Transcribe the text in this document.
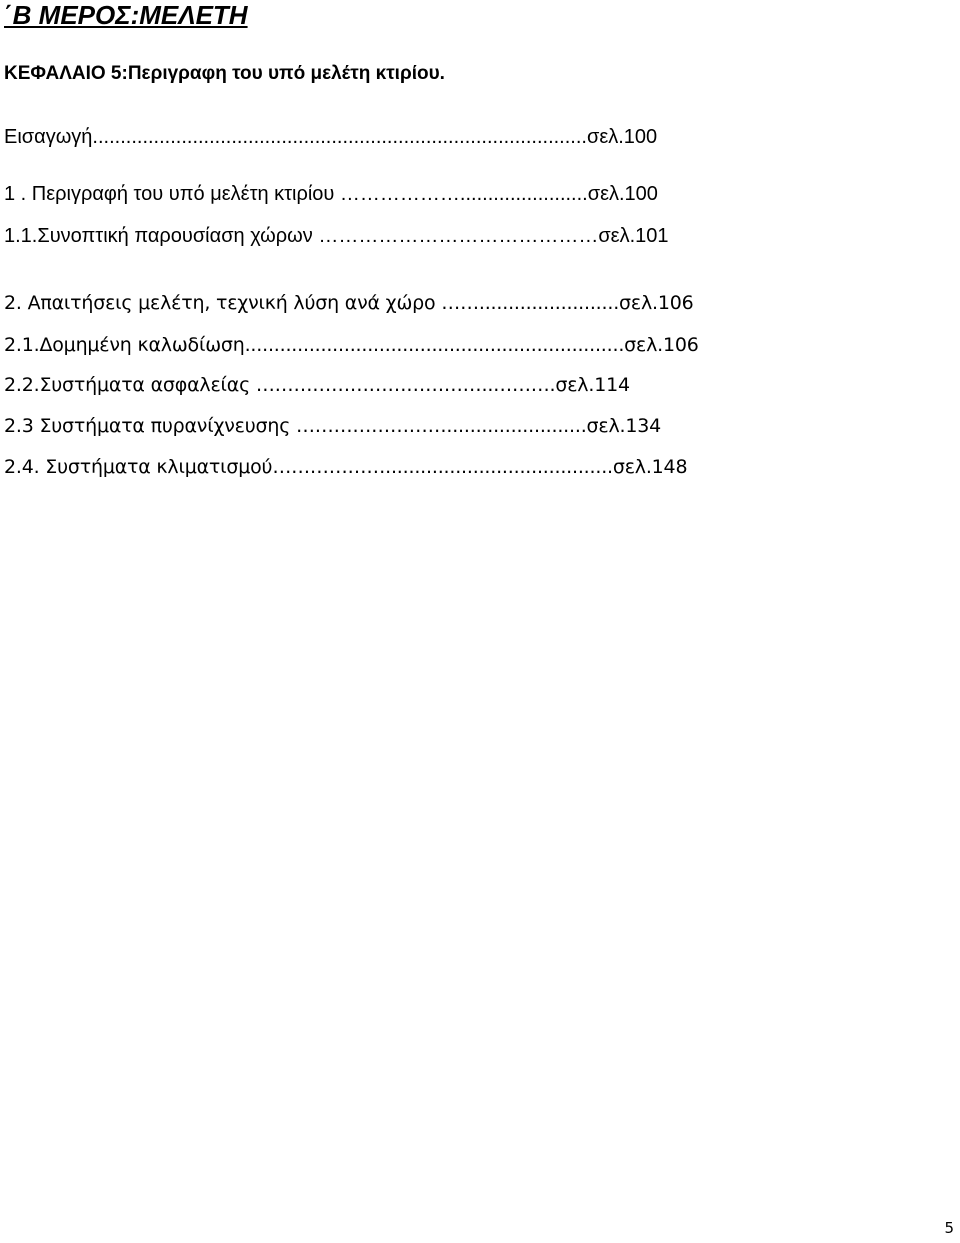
΄Β ΜΕΡΟΣ:ΜΕΛΕΤΗ
ΚΕΦΑΛΑΙΟ 5:Περιγραφη του υπό μελέτη κτιρίου.

Εισαγωγή.........................................................................................σελ.100

1 . Περιγραφή του υπό μελέτη κτιρίου ……………….......................σελ.100

1.1.Συνοπτική παρουσίαση χώρων ……………………………………σελ.101

2. Απαιτήσεις μελέτη, τεχνική λύση ανά χώρο ……........................σελ.106

2.1.Δομημένη καλωδίωση.................................................................σελ.106

2.2.Συστήματα ασφαλείας ………………………………..……….σελ.114

2.3 Συστήματα πυρανίχνευσης ……………………........................σελ.134

2.4. Συστήματα κλιματισμού……………….......................................σελ.148

5
